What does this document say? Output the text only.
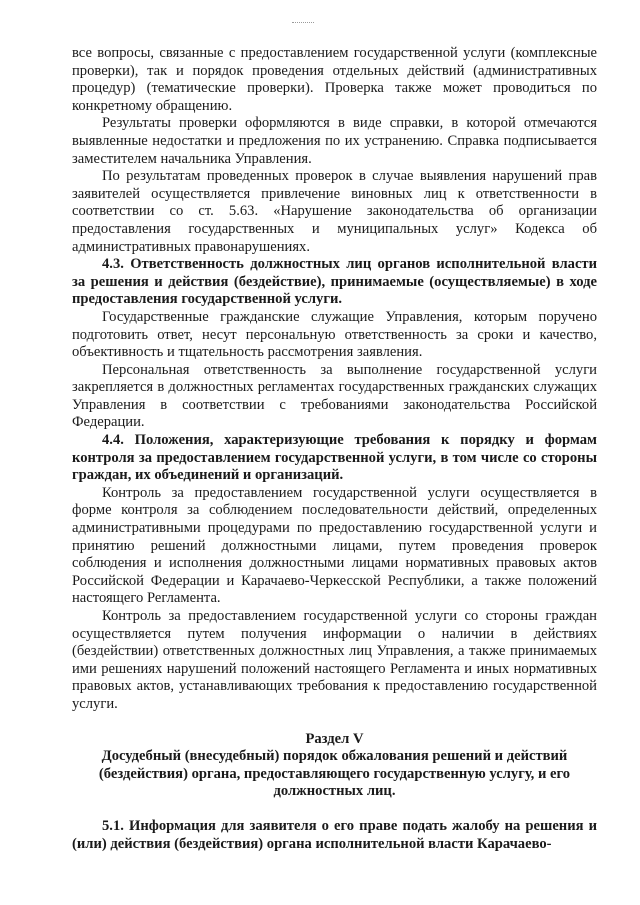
все вопросы, связанные с предоставлением государственной услуги (комплексные проверки), так и порядок проведения отдельных действий (административных процедур) (тематические проверки). Проверка также может проводиться по конкретному обращению.

Результаты проверки оформляются в виде справки, в которой отмечаются выявленные недостатки и предложения по их устранению. Справка подписывается заместителем начальника Управления.

По результатам проведенных проверок в случае выявления нарушений прав заявителей осуществляется привлечение виновных лиц к ответственности в соответствии со ст. 5.63. «Нарушение законодательства об организации предоставления государственных и муниципальных услуг» Кодекса об административных правонарушениях.

4.3. Ответственность должностных лиц органов исполнительной власти за решения и действия (бездействие), принимаемые (осуществляемые) в ходе предоставления государственной услуги.

Государственные гражданские служащие Управления, которым поручено подготовить ответ, несут персональную ответственность за сроки и качество, объективность и тщательность рассмотрения заявления.

Персональная ответственность за выполнение государственной услуги закрепляется в должностных регламентах государственных гражданских служащих Управления в соответствии с требованиями законодательства Российской Федерации.

4.4. Положения, характеризующие требования к порядку и формам контроля за предоставлением государственной услуги, в том числе со стороны граждан, их объединений и организаций.

Контроль за предоставлением государственной услуги осуществляется в форме контроля за соблюдением последовательности действий, определенных административными процедурами по предоставлению государственной услуги и принятию решений должностными лицами, путем проведения проверок соблюдения и исполнения должностными лицами нормативных правовых актов Российской Федерации и Карачаево-Черкесской Республики, а также положений настоящего Регламента.

Контроль за предоставлением государственной услуги со стороны граждан осуществляется путем получения информации о наличии в действиях (бездействии) ответственных должностных лиц Управления, а также принимаемых ими решениях нарушений положений настоящего Регламента и иных нормативных правовых актов, устанавливающих требования к предоставлению государственной услуги.

Раздел V

Досудебный (внесудебный) порядок обжалования решений и действий (бездействия) органа, предоставляющего государственную услугу, и его должностных лиц.

5.1. Информация для заявителя о его праве подать жалобу на решения и (или) действия (бездействия) органа исполнительной власти Карачаево-
